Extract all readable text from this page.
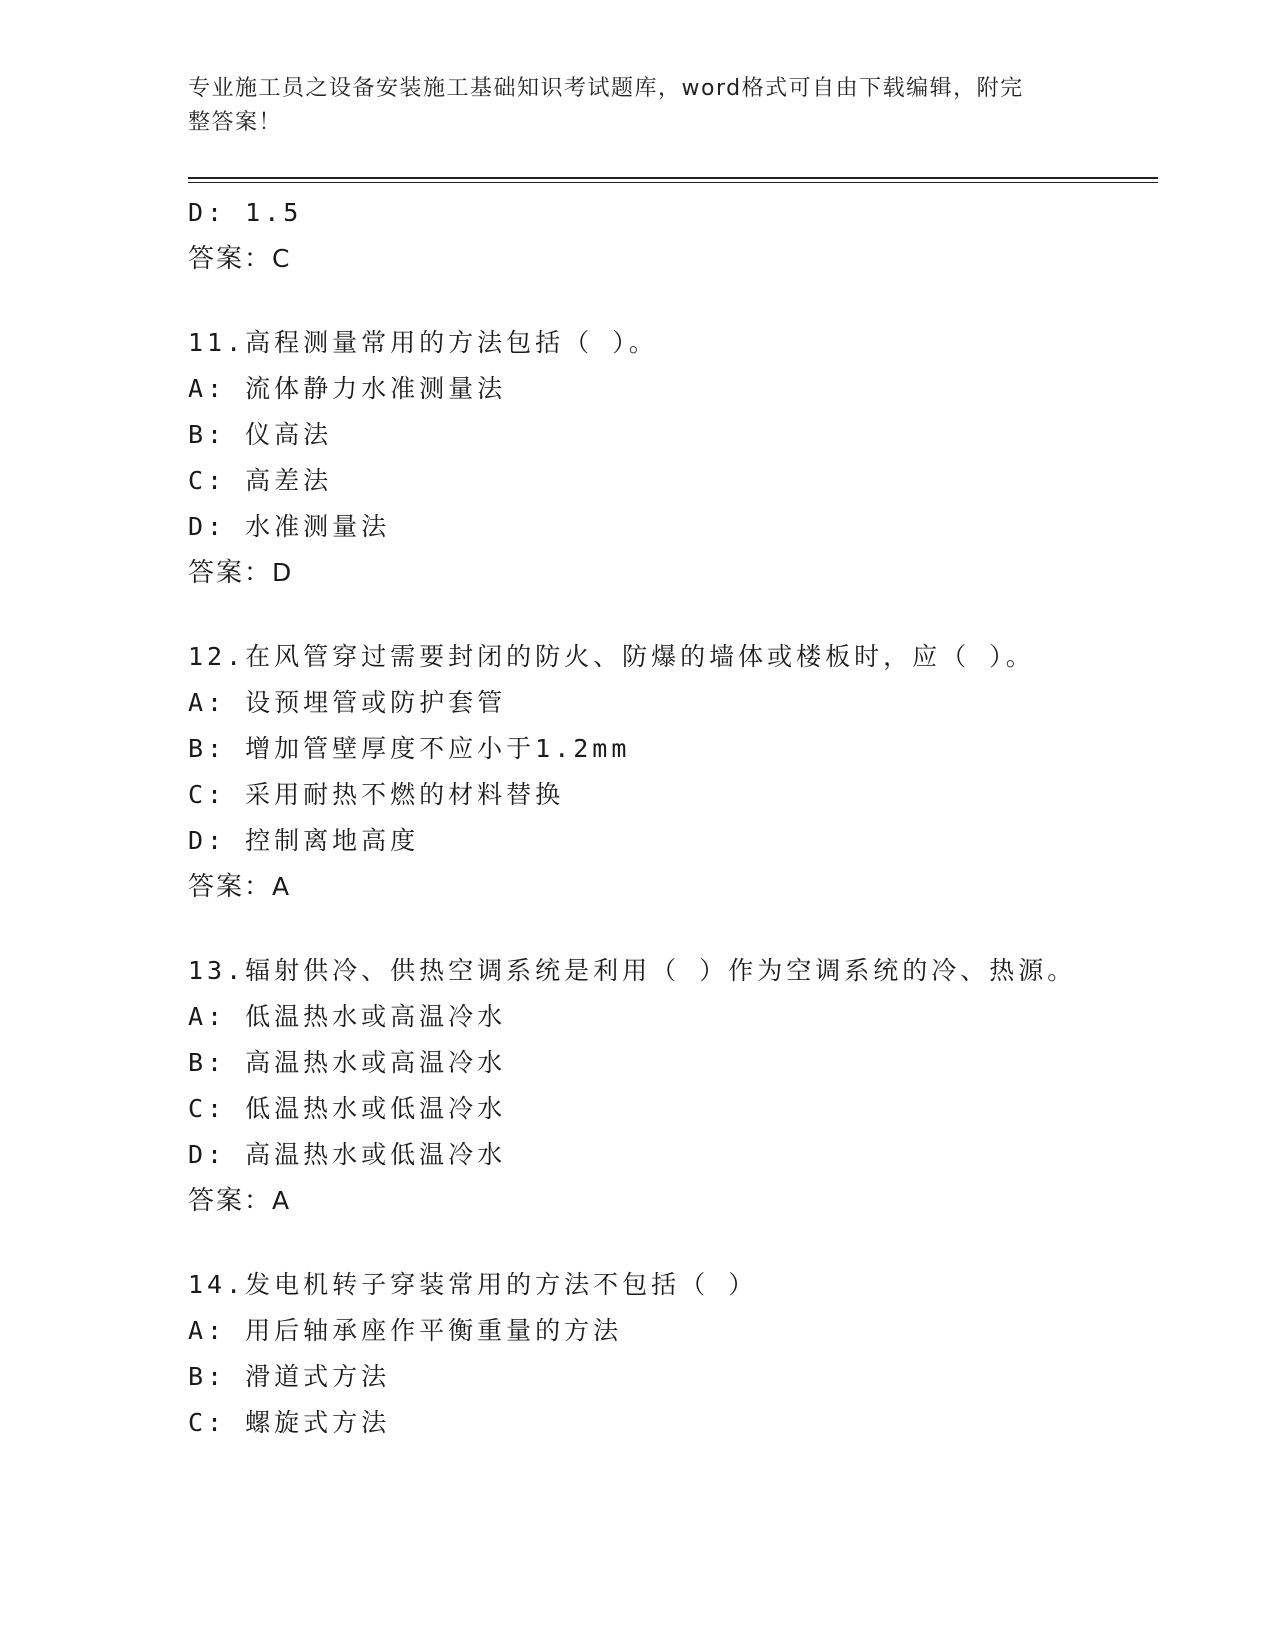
专业施工员之设备安装施工基础知识考试题库，word格式可自由下载编辑，附完
整答案！
D: 1.5
答案：C
11.高程测量常用的方法包括（ ）。
A: 流体静力水准测量法
B: 仪高法
C: 高差法
D: 水准测量法
答案：D
12.在风管穿过需要封闭的防火、防爆的墙体或楼板时，应（ ）。
A: 设预埋管或防护套管
B: 增加管壁厚度不应小于1.2mm
C: 采用耐热不燃的材料替换
D: 控制离地高度
答案：A
13.辐射供冷、供热空调系统是利用（ ）作为空调系统的冷、热源。
A: 低温热水或高温冷水
B: 高温热水或高温冷水
C: 低温热水或低温冷水
D: 高温热水或低温冷水
答案：A
14.发电机转子穿装常用的方法不包括（ ）
A: 用后轴承座作平衡重量的方法
B: 滑道式方法
C: 螺旋式方法
